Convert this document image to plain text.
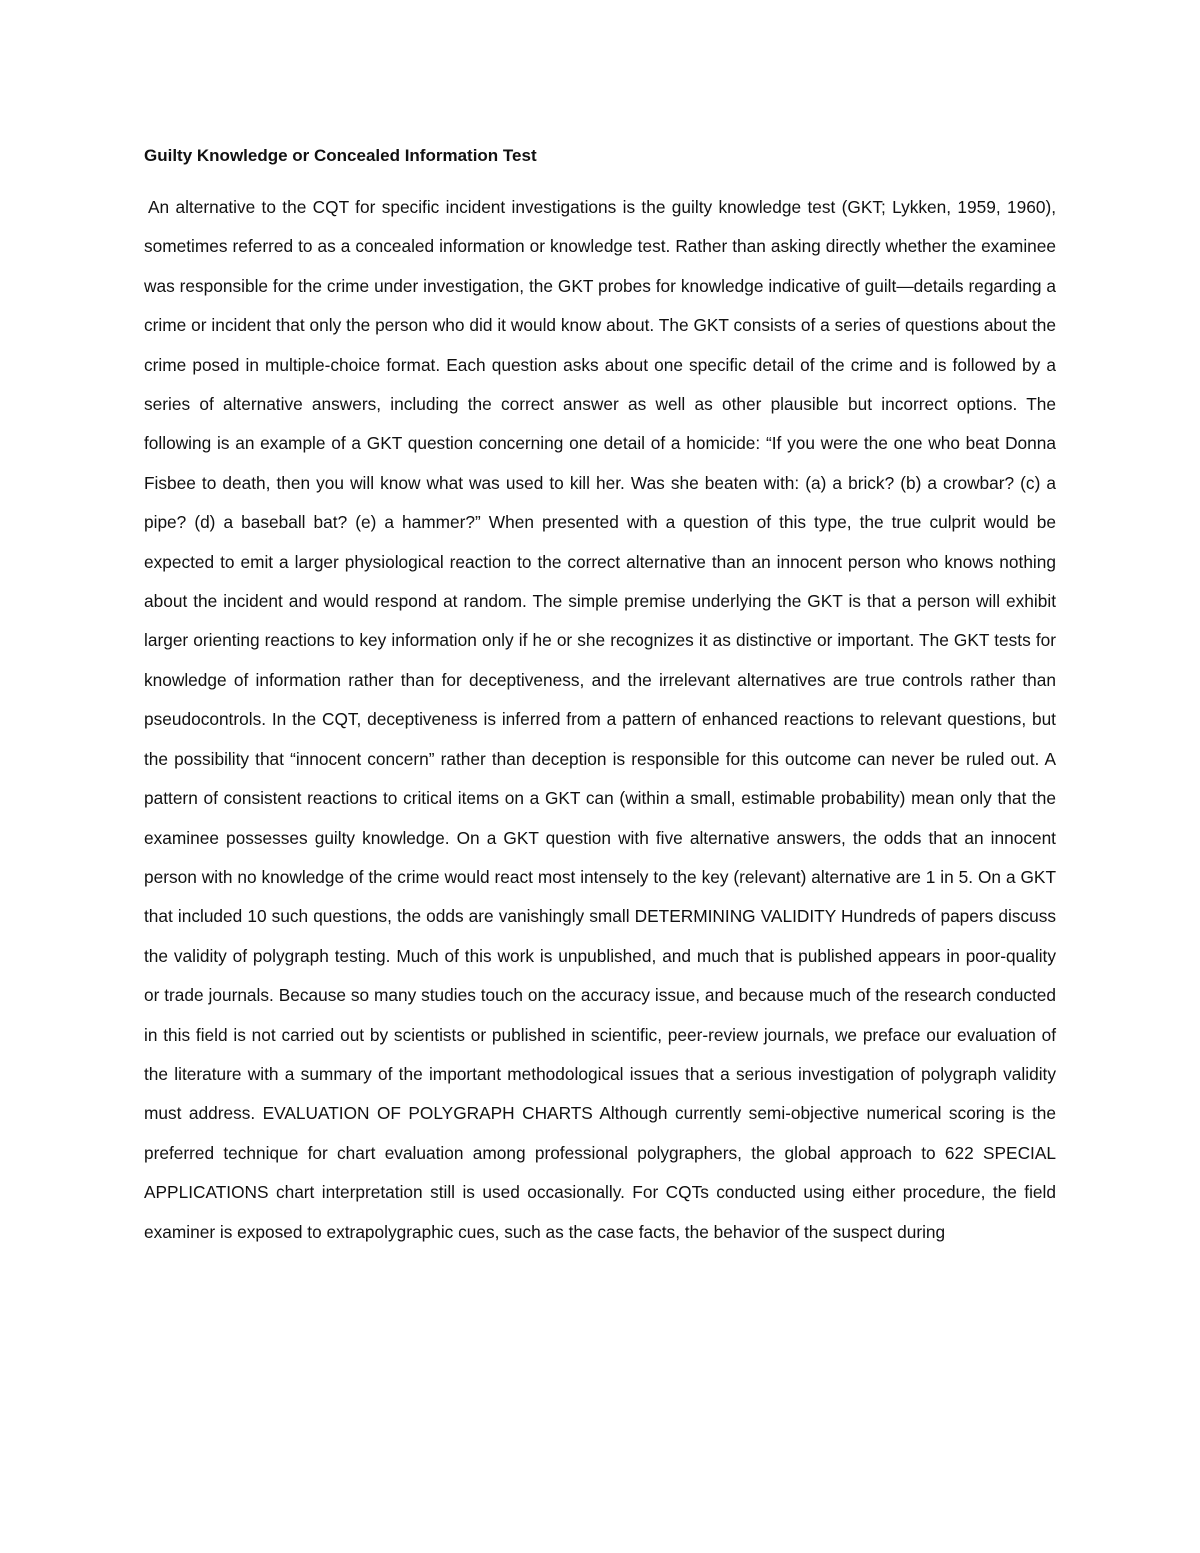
Guilty Knowledge or Concealed Information Test

An alternative to the CQT for specific incident investigations is the guilty knowledge test (GKT; Lykken, 1959, 1960), sometimes referred to as a concealed information or knowledge test. Rather than asking directly whether the examinee was responsible for the crime under investigation, the GKT probes for knowledge indicative of guilt—details regarding a crime or incident that only the person who did it would know about. The GKT consists of a series of questions about the crime posed in multiple-choice format. Each question asks about one specific detail of the crime and is followed by a series of alternative answers, including the correct answer as well as other plausible but incorrect options. The following is an example of a GKT question concerning one detail of a homicide: “If you were the one who beat Donna Fisbee to death, then you will know what was used to kill her. Was she beaten with: (a) a brick? (b) a crowbar? (c) a pipe? (d) a baseball bat? (e) a hammer?” When presented with a question of this type, the true culprit would be expected to emit a larger physiological reaction to the correct alternative than an innocent person who knows nothing about the incident and would respond at random. The simple premise underlying the GKT is that a person will exhibit larger orienting reactions to key information only if he or she recognizes it as distinctive or important. The GKT tests for knowledge of information rather than for deceptiveness, and the irrelevant alternatives are true controls rather than pseudocontrols. In the CQT, deceptiveness is inferred from a pattern of enhanced reactions to relevant questions, but the possibility that “innocent concern” rather than deception is responsible for this outcome can never be ruled out. A pattern of consistent reactions to critical items on a GKT can (within a small, estimable probability) mean only that the examinee possesses guilty knowledge. On a GKT question with five alternative answers, the odds that an innocent person with no knowledge of the crime would react most intensely to the key (relevant) alternative are 1 in 5. On a GKT that included 10 such questions, the odds are vanishingly small DETERMINING VALIDITY Hundreds of papers discuss the validity of polygraph testing. Much of this work is unpublished, and much that is published appears in poor-quality or trade journals. Because so many studies touch on the accuracy issue, and because much of the research conducted in this field is not carried out by scientists or published in scientific, peer-review journals, we preface our evaluation of the literature with a summary of the important methodological issues that a serious investigation of polygraph validity must address. EVALUATION OF POLYGRAPH CHARTS Although currently semi-objective numerical scoring is the preferred technique for chart evaluation among professional polygraphers, the global approach to 622 SPECIAL APPLICATIONS chart interpretation still is used occasionally. For CQTs conducted using either procedure, the field examiner is exposed to extrapolygraphic cues, such as the case facts, the behavior of the suspect during
